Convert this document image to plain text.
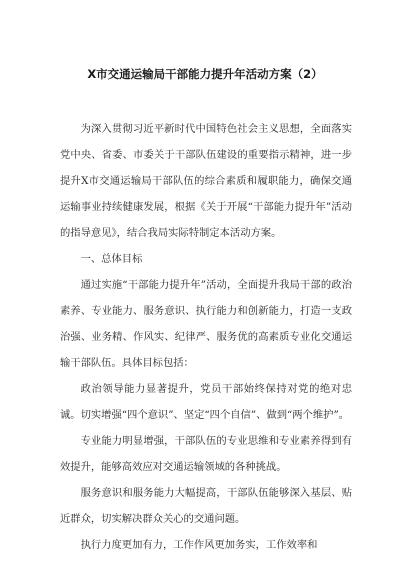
X市交通运输局干部能力提升年活动方案（2）

为深入贯彻习近平新时代中国特色社会主义思想，全面落实党中央、省委、市委关于干部队伍建设的重要指示精神，进一步提升X市交通运输局干部队伍的综合素质和履职能力，确保交通运输事业持续健康发展，根据《关于开展“干部能力提升年”活动的指导意见》，结合我局实际特制定本活动方案。

一、总体目标

通过实施“干部能力提升年”活动，全面提升我局干部的政治素养、专业能力、服务意识、执行能力和创新能力，打造一支政治强、业务精、作风实、纪律严、服务优的高素质专业化交通运输干部队伍。具体目标包括：

政治领导能力显著提升，党员干部始终保持对党的绝对忠诚。切实增强“四个意识”、坚定“四个自信”、做到“两个维护”。

专业能力明显增强，干部队伍的专业思维和专业素养得到有效提升，能够高效应对交通运输领域的各种挑战。

服务意识和服务能力大幅提高，干部队伍能够深入基层、贴近群众，切实解决群众关心的交通问题。

执行力度更加有力，工作作风更加务实，工作效率和
